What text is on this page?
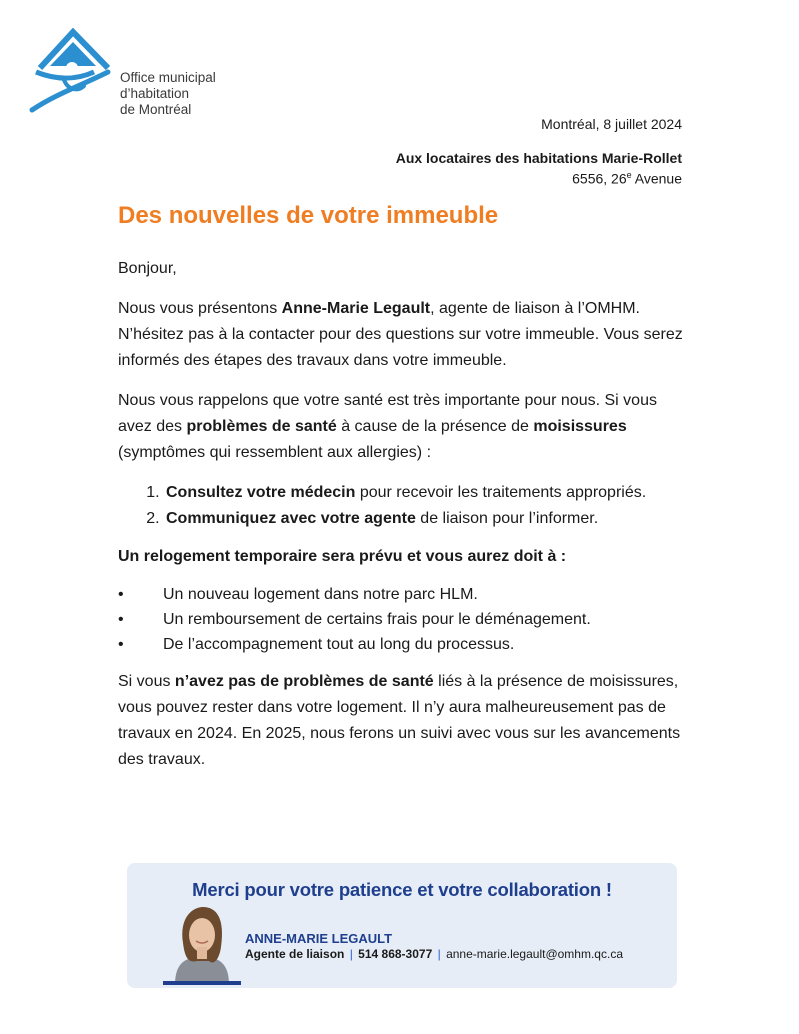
Office municipal
d’habitation
de Montréal
Montréal, 8 juillet 2024
Aux locataires des habitations Marie-Rollet
6556, 26e Avenue
Des nouvelles de votre immeuble

Bonjour,

Nous vous présentons Anne-Marie Legault, agente de liaison à l’OMHM. N’hésitez pas à la contacter pour des questions sur votre immeuble. Vous serez informés des étapes des travaux dans votre immeuble.

Nous vous rappelons que votre santé est très importante pour nous. Si vous avez des problèmes de santé à cause de la présence de moisissures (symptômes qui ressemblent aux allergies) :

1. Consultez votre médecin pour recevoir les traitements appropriés.
2. Communiquez avec votre agente de liaison pour l’informer.

Un relogement temporaire sera prévu et vous aurez doit à :

• Un nouveau logement dans notre parc HLM.
• Un remboursement de certains frais pour le déménagement.
• De l’accompagnement tout au long du processus.

Si vous n’avez pas de problèmes de santé liés à la présence de moisissures, vous pouvez rester dans votre logement. Il n’y aura malheureusement pas de travaux en 2024. En 2025, nous ferons un suivi avec vous sur les avancements des travaux.

Merci pour votre patience et votre collaboration !
ANNE-MARIE LEGAULT
Agente de liaison | 514 868-3077 | anne-marie.legault@omhm.qc.ca
